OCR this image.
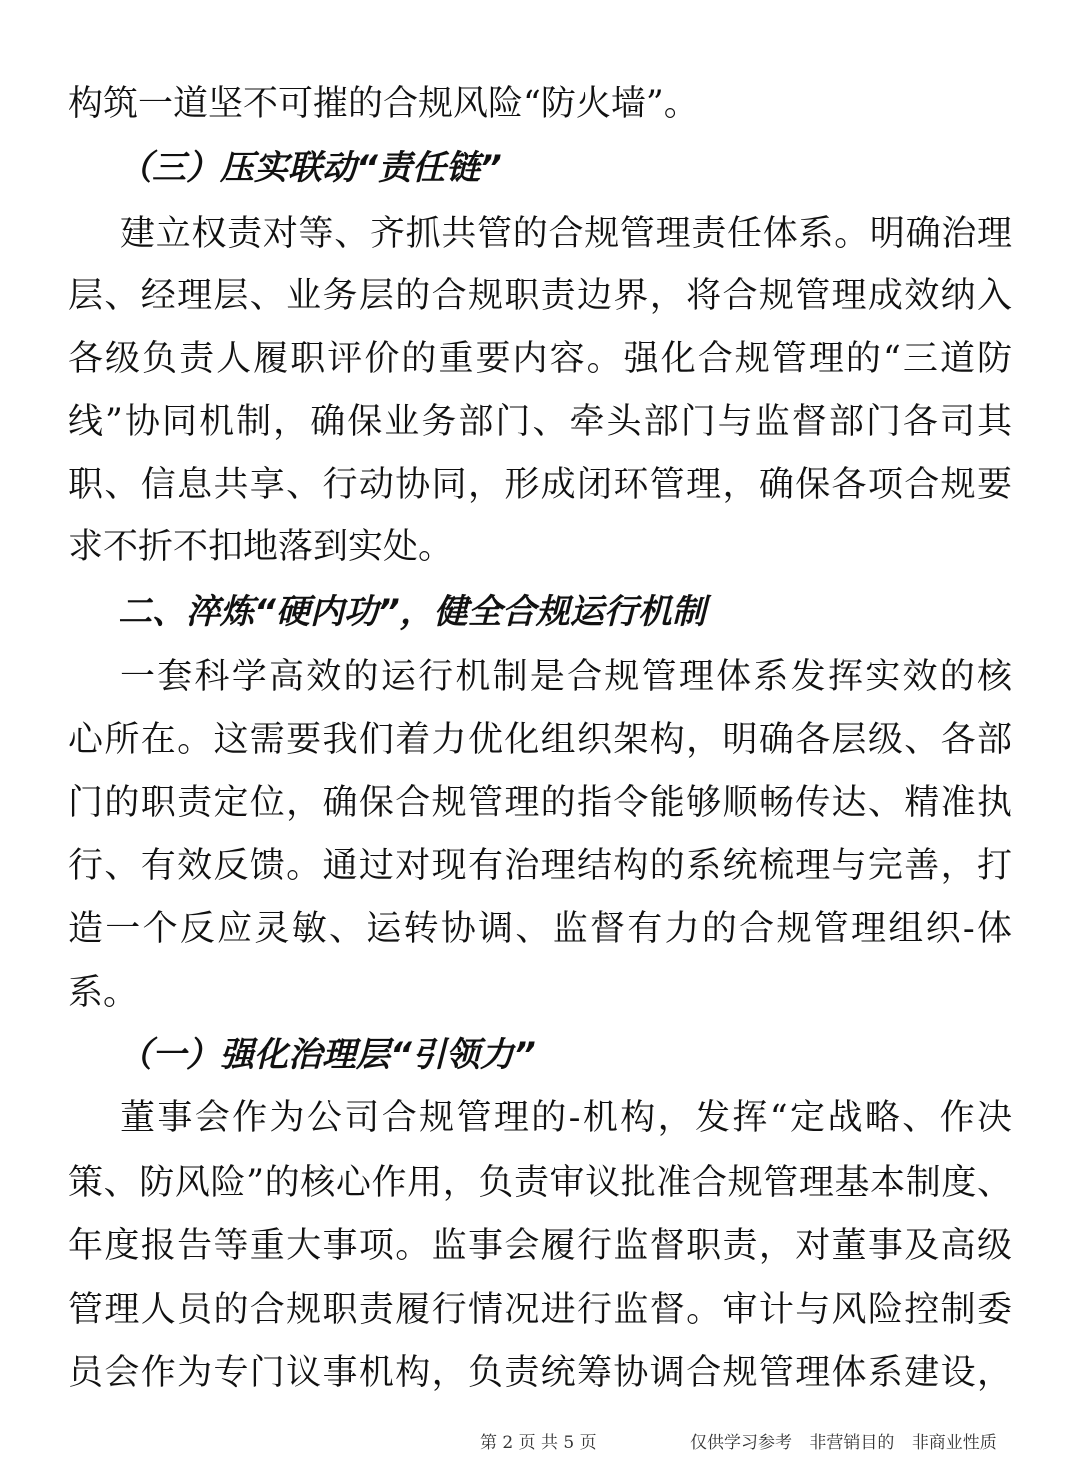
构筑一道坚不可摧的合规风险“防火墙”。
（三）压实联动“责任链”
建立权责对等、齐抓共管的合规管理责任体系。明确治理
层、经理层、业务层的合规职责边界，将合规管理成效纳入
各级负责人履职评价的重要内容。强化合规管理的“三道防
线”协同机制，确保业务部门、牵头部门与监督部门各司其
职、信息共享、行动协同，形成闭环管理，确保各项合规要
求不折不扣地落到实处。
二、淬炼“硬内功”，健全合规运行机制
一套科学高效的运行机制是合规管理体系发挥实效的核
心所在。这需要我们着力优化组织架构，明确各层级、各部
门的职责定位，确保合规管理的指令能够顺畅传达、精准执
行、有效反馈。通过对现有治理结构的系统梳理与完善，打
造一个反应灵敏、运转协调、监督有力的合规管理组织-体
系。
（一）强化治理层“引领力”
董事会作为公司合规管理的-机构，发挥“定战略、作决
策、防风险”的核心作用，负责审议批准合规管理基本制度、
年度报告等重大事项。监事会履行监督职责，对董事及高级
管理人员的合规职责履行情况进行监督。审计与风险控制委
员会作为专门议事机构，负责统筹协调合规管理体系建设，
第 2 页 共 5 页	仅供学习参考 非营销目的 非商业性质
